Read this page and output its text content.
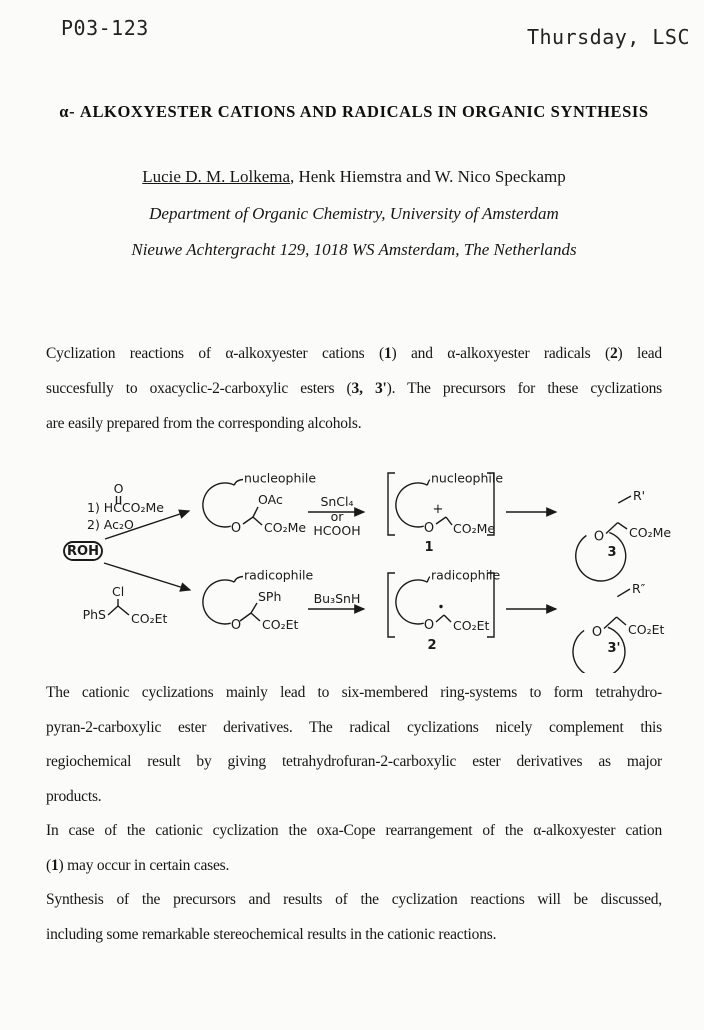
P03-123	Thursday, LSC
α- ALKOXYESTER CATIONS AND RADICALS IN ORGANIC SYNTHESIS
Lucie D. M. Lolkema, Henk Hiemstra and W. Nico Speckamp
Department of Organic Chemistry, University of Amsterdam
Nieuwe Achtergracht 129, 1018 WS Amsterdam, The Netherlands
Cyclization reactions of α-alkoxyester cations (1) and α-alkoxyester radicals (2) lead
succesfully to oxacyclic-2-carboxylic esters (3, 3'). The precursors for these cyclizations
are easily prepared from the corresponding alcohols.
ROH
O
1) HCCO₂Me
2) Ac₂O
Cl
PhS CO₂Et
nucleophile
OAc
CO₂Me
O
SnCl₄
or
HCOOH
nucleophile
+
O CO₂Me
1
R'
CO₂Me
O
3
radicophile
SPh
CO₂Et
O
Bu₃SnH
radicophile
O CO₂Et
2
R″
CO₂Et
O
3'
The cationic cyclizations mainly lead to six-membered ring-systems to form tetrahydro-
pyran-2-carboxylic ester derivatives. The radical cyclizations nicely complement this
regiochemical result by giving tetrahydrofuran-2-carboxylic ester derivatives as major
products.
In case of the cationic cyclization the oxa-Cope rearrangement of the α-alkoxyester cation
(1) may occur in certain cases.
Synthesis of the precursors and results of the cyclization reactions will be discussed,
including some remarkable stereochemical results in the cationic reactions.
